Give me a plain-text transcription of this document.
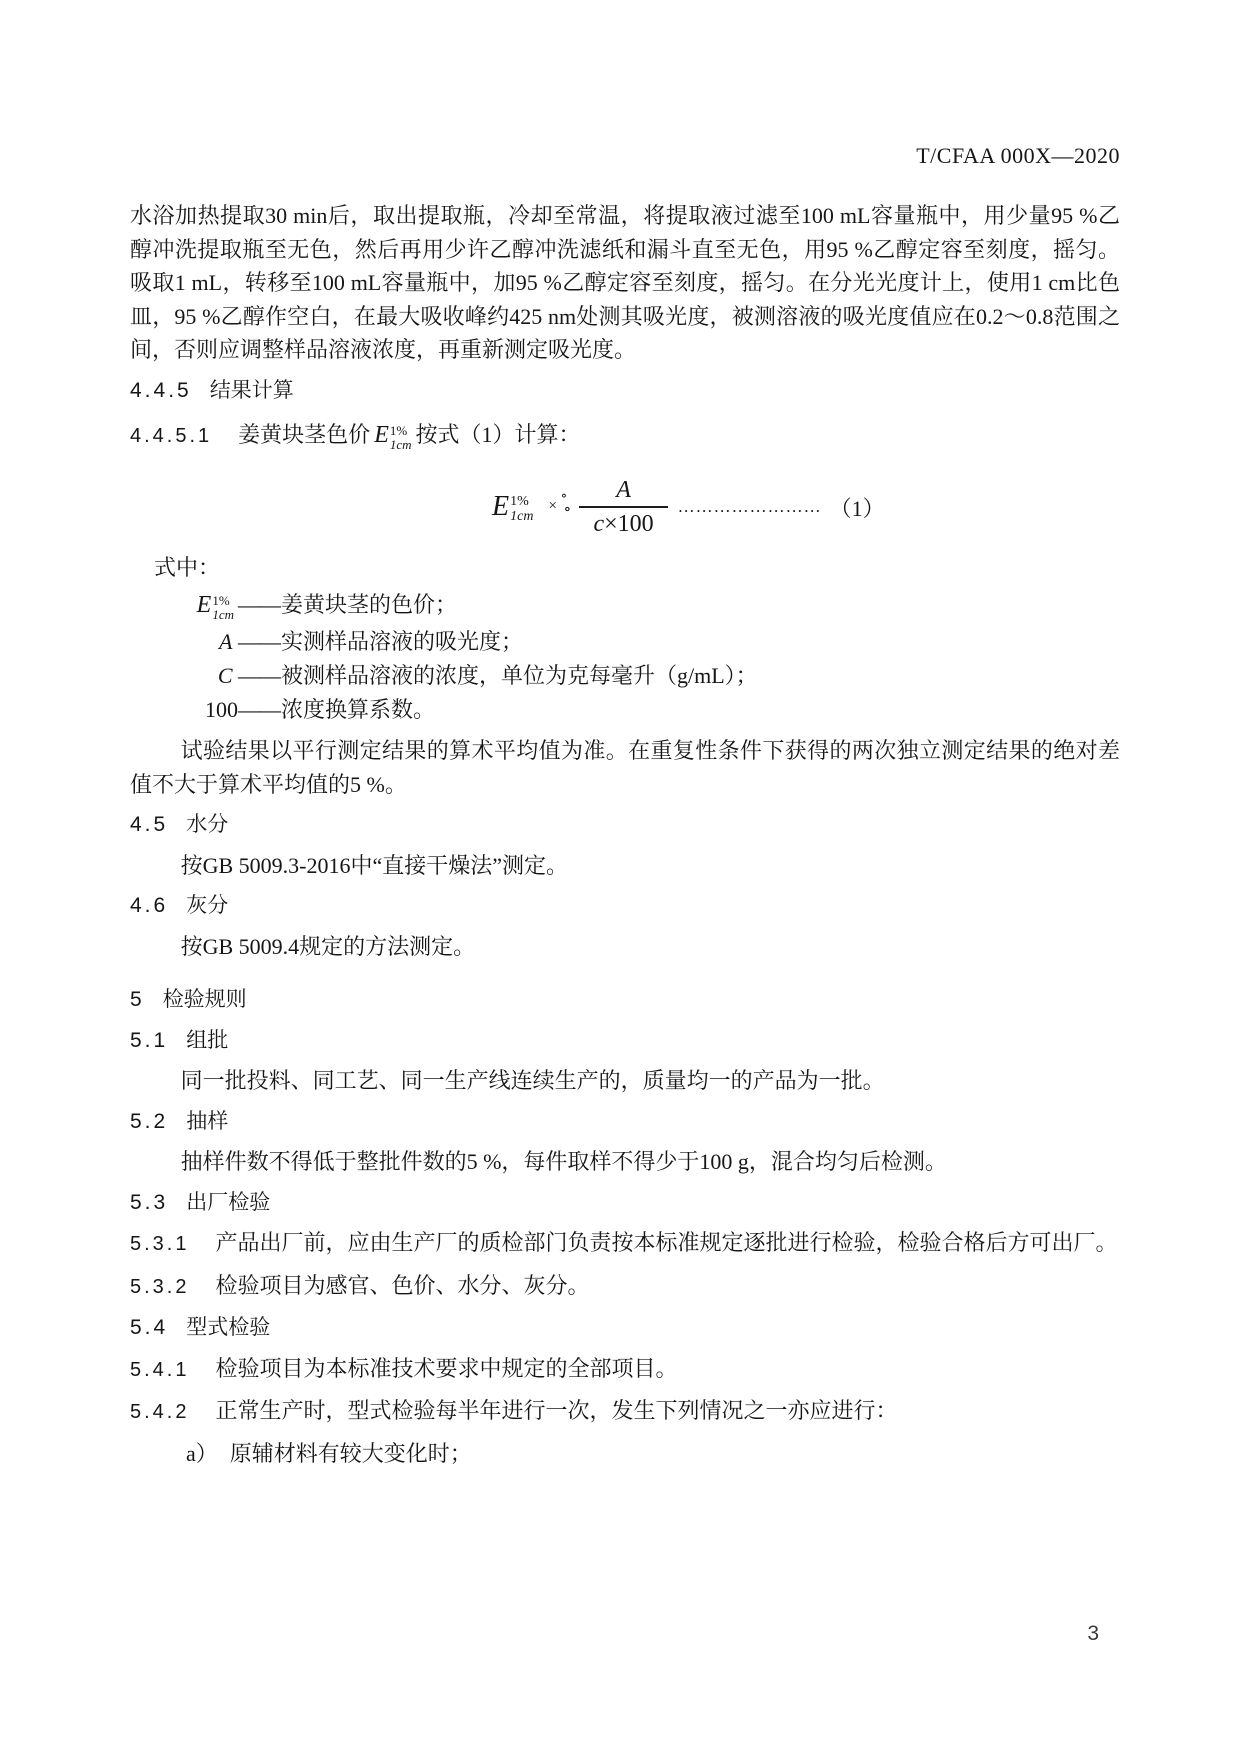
T/CFAA 000X—2020

水浴加热提取30 min后，取出提取瓶，冷却至常温，将提取液过滤至100 mL容量瓶中，用少量95 %乙醇冲洗提取瓶至无色，然后再用少许乙醇冲洗滤纸和漏斗直至无色，用95 %乙醇定容至刻度，摇匀。吸取1 mL，转移至100 mL容量瓶中，加95 %乙醇定容至刻度，摇匀。在分光光度计上，使用1 cm比色皿，95 %乙醇作空白，在最大吸收峰约425 nm处测其吸光度，被测溶液的吸光度值应在0.2～0.8范围之间，否则应调整样品溶液浓度，再重新测定吸光度。

4.4.5 结果计算

4.4.5.1 姜黄块茎色价 E 1%
1cm 按式（1）计算：

E 1%
1cm
∘
× ∘ $\frac{A}{c\times 100}$ …………………… （1）
式中：
E 1%
1cm —— 姜黄块茎的色价；
A
—— 实测样品溶液的吸光度；
C
—— 被测样品溶液的浓度，单位为克每毫升（g/mL）；
100 —— 浓度换算系数。

试验结果以平行测定结果的算术平均值为准。在重复性条件下获得的两次独立测定结果的绝对差值不大于算术平均值的5 %。

4.5 水分

按GB 5009.3-2016中“直接干燥法”测定。

4.6 灰分

按GB 5009.4规定的方法测定。

5 检验规则
5.1 组批

同一批投料、同工艺、同一生产线连续生产的，质量均一的产品为一批。

5.2 抽样

抽样件数不得低于整批件数的5 %，每件取样不得少于100 g，混合均匀后检测。

5.3 出厂检验

5.3.1 产品出厂前，应由生产厂的质检部门负责按本标准规定逐批进行检验，检验合格后方可出厂。

5.3.2 检验项目为感官、色价、水分、灰分。

5.4 型式检验

5.4.1 检验项目为本标准技术要求中规定的全部项目。

5.4.2 正常生产时，型式检验每半年进行一次，发生下列情况之一亦应进行：

a） 原辅材料有较大变化时；
3
